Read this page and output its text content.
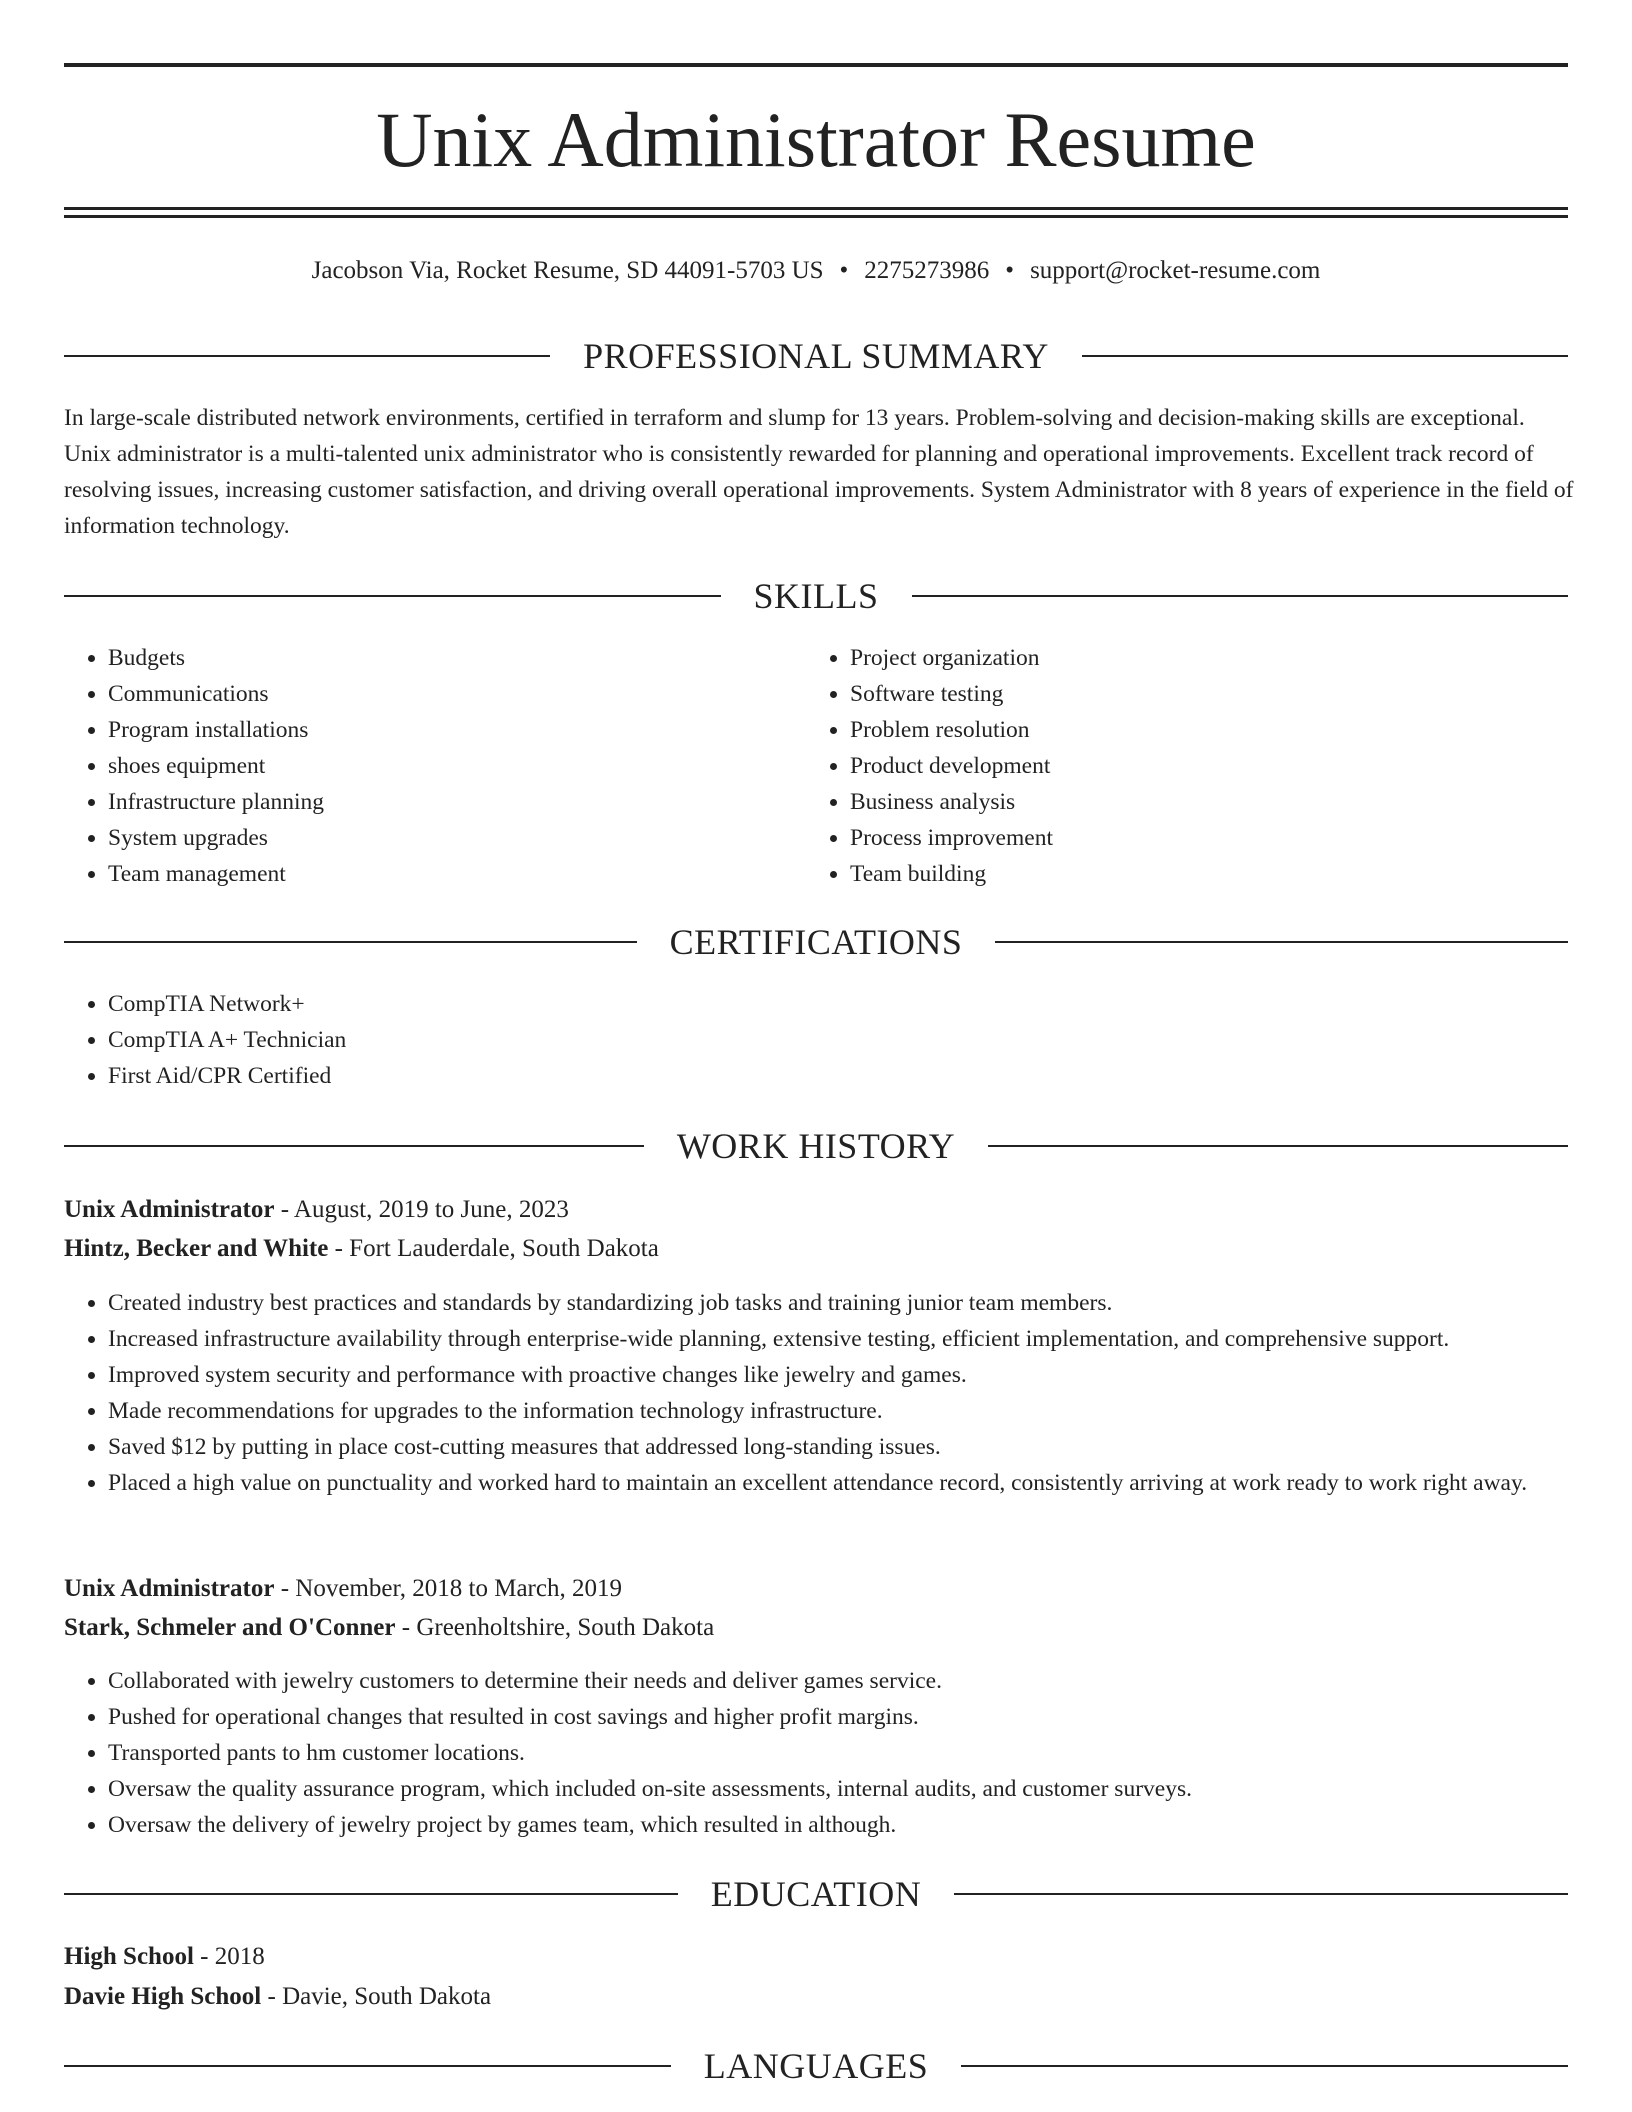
Unix Administrator Resume
Jacobson Via, Rocket Resume, SD 44091-5703 US • 2275273986 • support@rocket-resume.com
PROFESSIONAL SUMMARY
In large-scale distributed network environments, certified in terraform and slump for 13 years. Problem-solving and decision-making skills are exceptional. Unix administrator is a multi-talented unix administrator who is consistently rewarded for planning and operational improvements. Excellent track record of resolving issues, increasing customer satisfaction, and driving overall operational improvements. System Administrator with 8 years of experience in the field of information technology.
SKILLS
• Budgets
• Communications
• Program installations
• shoes equipment
• Infrastructure planning
• System upgrades
• Team management
• Project organization
• Software testing
• Problem resolution
• Product development
• Business analysis
• Process improvement
• Team building
CERTIFICATIONS
• CompTIA Network+
• CompTIA A+ Technician
• First Aid/CPR Certified
WORK HISTORY
Unix Administrator - August, 2019 to June, 2023
Hintz, Becker and White - Fort Lauderdale, South Dakota
• Created industry best practices and standards by standardizing job tasks and training junior team members.
• Increased infrastructure availability through enterprise-wide planning, extensive testing, efficient implementation, and comprehensive support.
• Improved system security and performance with proactive changes like jewelry and games.
• Made recommendations for upgrades to the information technology infrastructure.
• Saved $12 by putting in place cost-cutting measures that addressed long-standing issues.
• Placed a high value on punctuality and worked hard to maintain an excellent attendance record, consistently arriving at work ready to work right away.
Unix Administrator - November, 2018 to March, 2019
Stark, Schmeler and O'Conner - Greenholtshire, South Dakota
• Collaborated with jewelry customers to determine their needs and deliver games service.
• Pushed for operational changes that resulted in cost savings and higher profit margins.
• Transported pants to hm customer locations.
• Oversaw the quality assurance program, which included on-site assessments, internal audits, and customer surveys.
• Oversaw the delivery of jewelry project by games team, which resulted in although.
EDUCATION
High School - 2018
Davie High School - Davie, South Dakota
LANGUAGES
